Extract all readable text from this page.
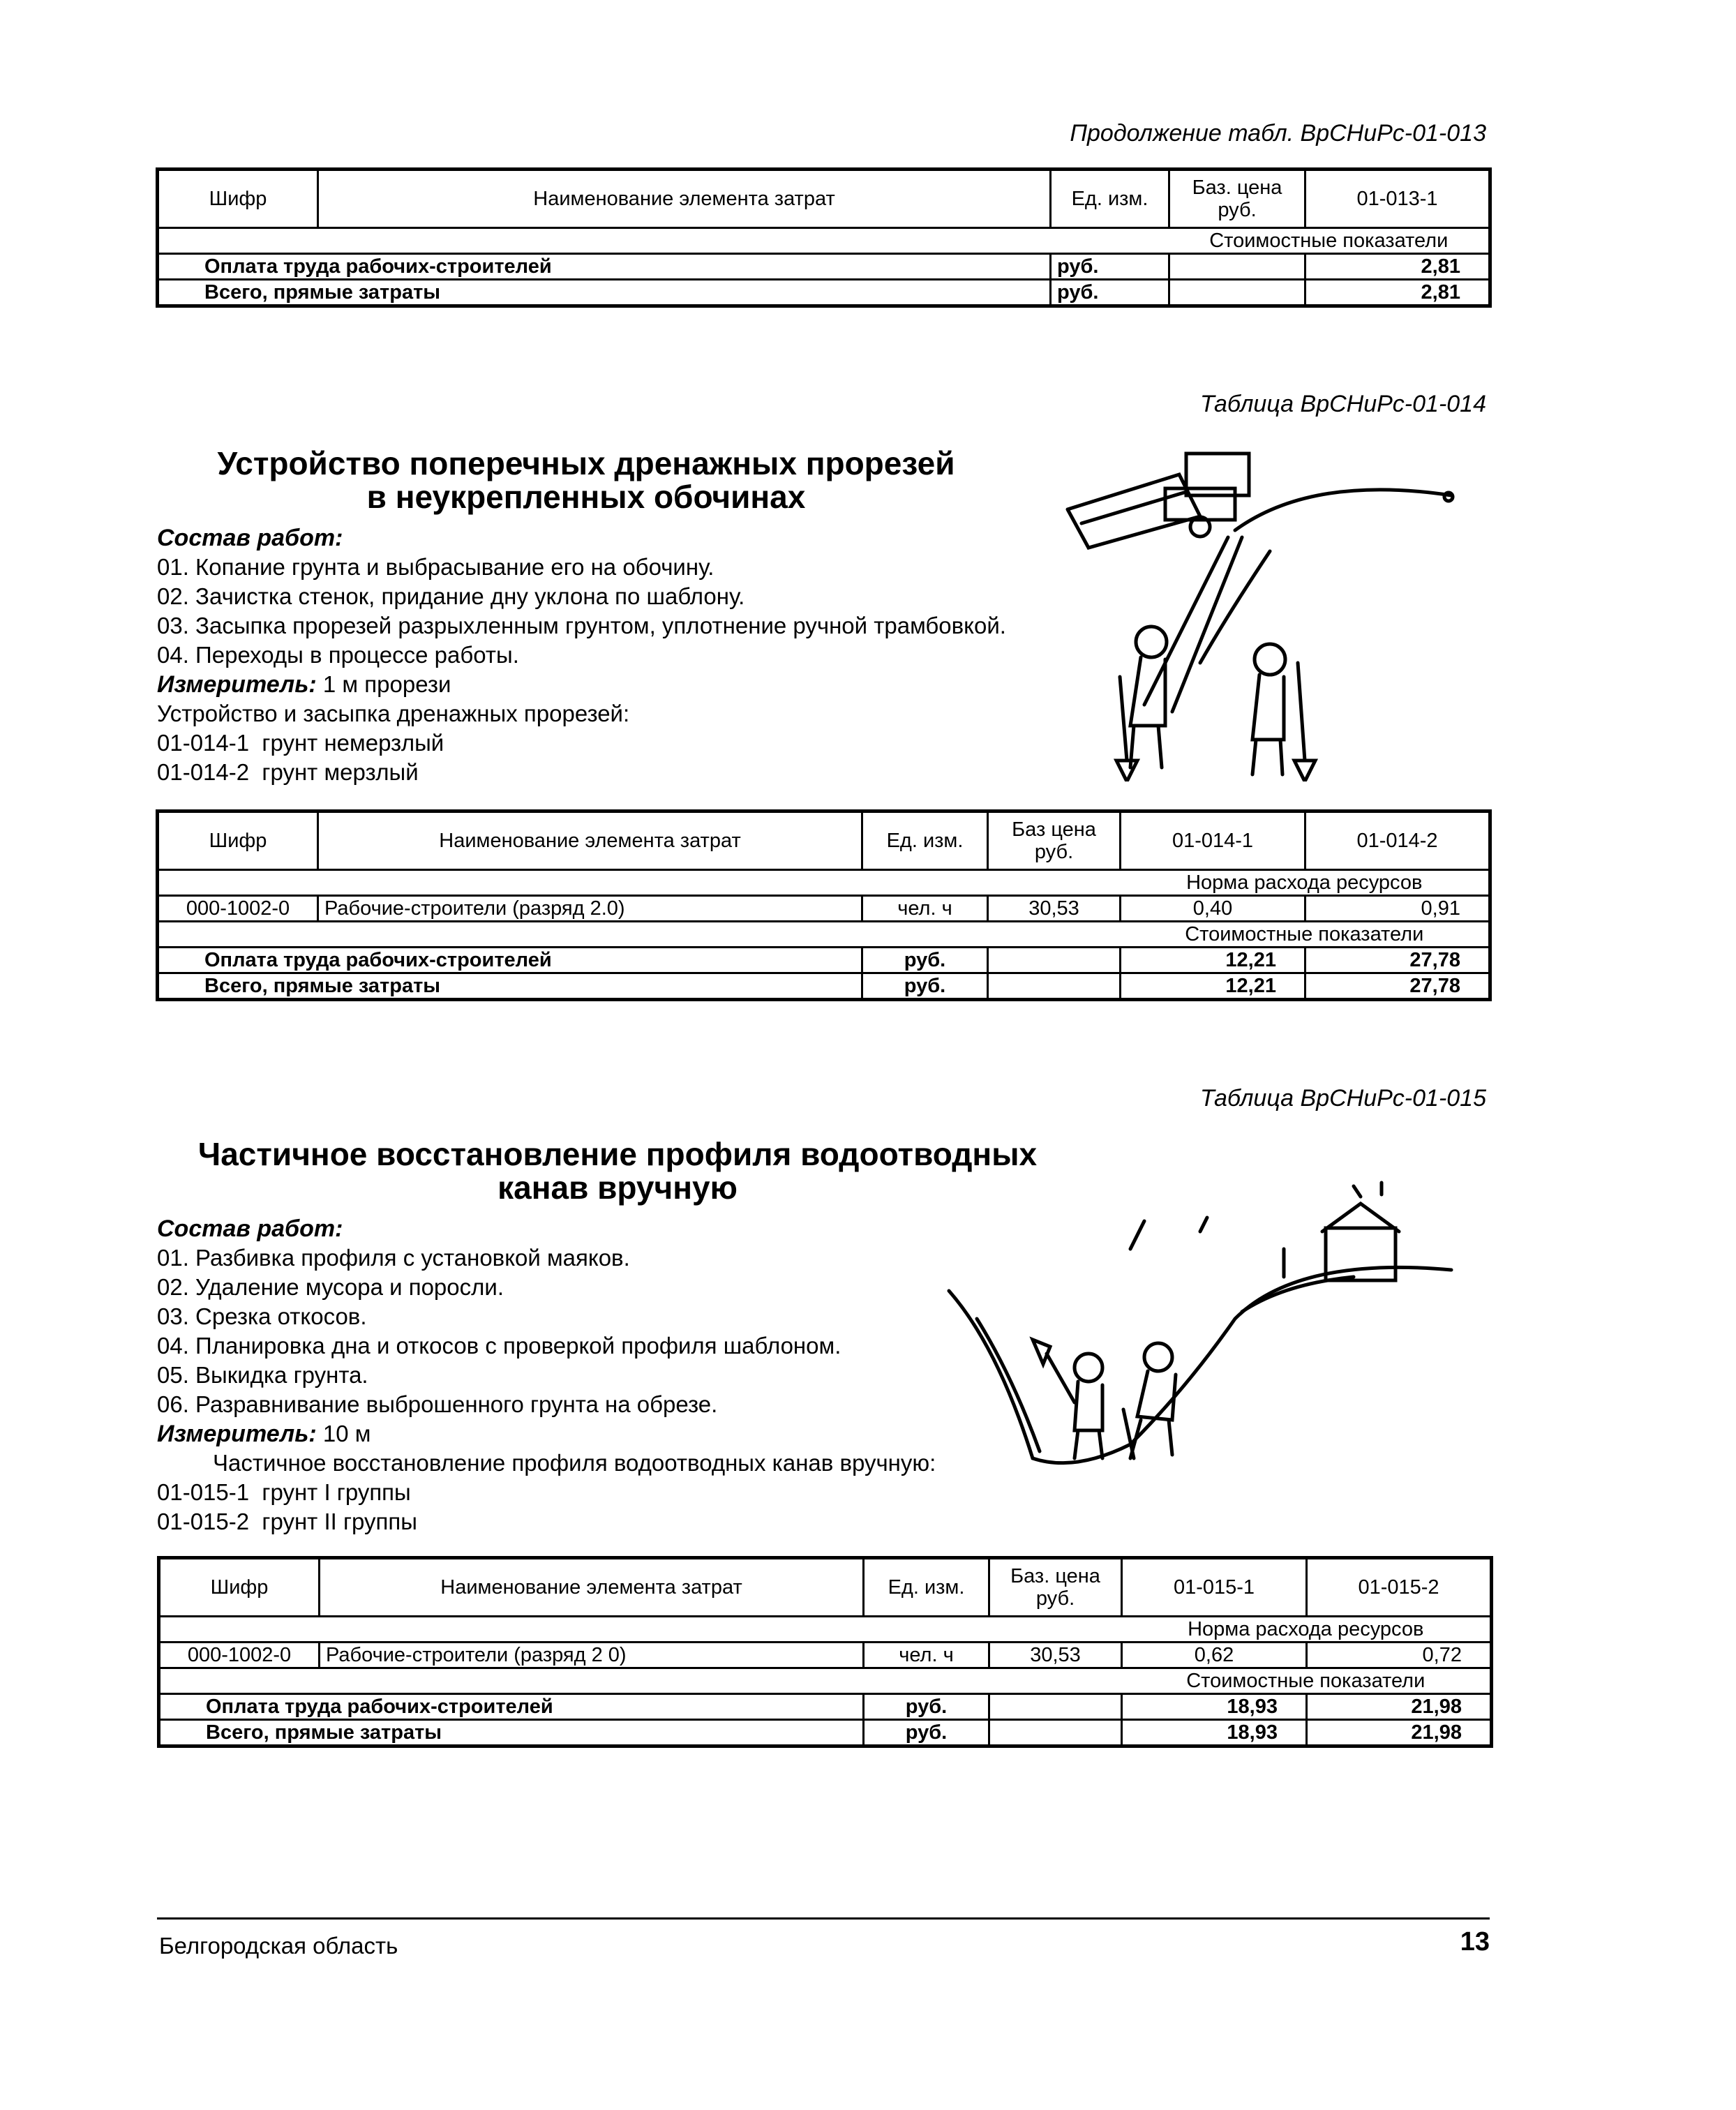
Продолжение табл. ВрСНиРс-01-013
Шифр	Наименование элемента затрат	Ед. изм.	Баз. цена руб.	01-013-1
			Стоимостные показатели	
Оплата труда рабочих-строителей		руб.		2,81
Всего, прямые затраты		руб.		2,81
Таблица ВрСНиРс-01-014
Устройство поперечных дренажных прорезей
в неукрепленных обочинах
Состав работ:
01. Копание грунта и выбрасывание его на обочину.
02. Зачистка стенок, придание дну уклона по шаблону.
03. Засыпка прорезей разрыхленным грунтом, уплотнение ручной трамбовкой.
04. Переходы в процессе работы.
Измеритель: 1 м прорези
Устройство и засыпка дренажных прорезей:
01-014-1  грунт немерзлый
01-014-2  грунт мерзлый
Шифр	Наименование элемента затрат	Ед. изм.	Баз цена руб.	01-014-1	01-014-2
				Норма расхода ресурсов	
000-1002-0	Рабочие-строители (разряд 2.0)	чел. ч	30,53	0,40	0,91
				Стоимостные показатели	
Оплата труда рабочих-строителей		руб.		12,21	27,78
Всего, прямые затраты		руб.		12,21	27,78
Таблица ВрСНиРс-01-015
Частичное восстановление профиля водоотводных
канав вручную
Состав работ:
01. Разбивка профиля с установкой маяков.
02. Удаление мусора и поросли.
03. Срезка откосов.
04. Планировка дна и откосов с проверкой профиля шаблоном.
05. Выкидка грунта.
06. Разравнивание выброшенного грунта на обрезе.
Измеритель: 10 м
Частичное восстановление профиля водоотводных канав вручную:
01-015-1  грунт I группы
01-015-2  грунт II группы
Шифр	Наименование элемента затрат	Ед. изм.	Баз. цена руб.	01-015-1	01-015-2
				Норма расхода ресурсов	
000-1002-0	Рабочие-строители (разряд 2 0)	чел. ч	30,53	0,62	0,72
				Стоимостные показатели	
Оплата труда рабочих-строителей		руб.		18,93	21,98
Всего, прямые затраты		руб.		18,93	21,98
Белгородская область	13
